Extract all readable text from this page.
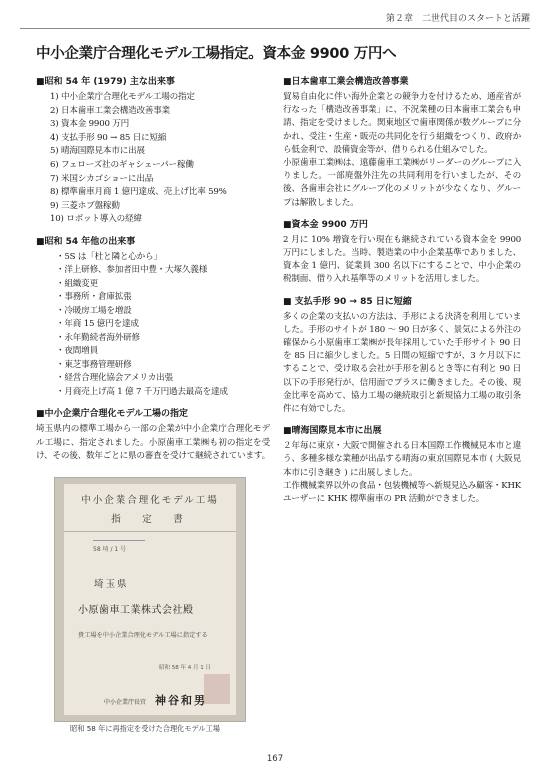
第２章　二世代目のスタートと活躍
中小企業庁合理化モデル工場指定。資本金 9900 万円へ
■昭和 54 年 (1979) 主な出来事
1) 中小企業庁合理化モデル工場の指定
2) 日本歯車工業会構造改善事業
3) 資本金 9900 万円
4) 支払手形 90 → 85 日に短縮
5) 晴海国際見本市に出展
6) フェローズ社のギャシェーパー稼働
7) 米国シカゴショーに出品
8) 標準歯車月商 1 億円達成、売上げ比率 59%
9) 三菱ホブ盤稼動
10) ロボット導入の経緯
■昭和 54 年他の出来事
・5S は「杜と隣と心から」
・洋上研修、参加者田中豊・大塚久義様
・組織変更
・事務所・倉庫拡張
・冷暖房工場を増設
・年商 15 億円を達成
・永年勤続者海外研修
・夜間増員
・東芝事務管理研修
・経営合理化協会アメリカ出張
・月商売上げ高 1 億 7 千万円過去最高を達成
■中小企業庁合理化モデル工場の指定

埼玉県内の標準工場から一部の企業が中小企業庁合理化モデル工場に、指定されました。小原歯車工業㈱も初の指定を受け、その後、数年ごとに県の審査を受けて継続されています。

中小企業合理化モデル工場
指　定　書
58 埼 / 1 号
埼玉県
小原歯車工業株式会社殿
貴工場を中小企業合理化モデル工場に指定する
昭和 58 年 4 月 1 日
中小企業庁長官 神谷和男
昭和 58 年に再指定を受けた合理化モデル工場
■日本歯車工業会構造改善事業

貿易自由化に伴い海外企業との競争力を付けるため、通産省が行なった「構造改善事業」に、不況業種の日本歯車工業会も申請、指定を受けました。関東地区で歯車関係が数グループに分かれ、受注・生産・販売の共同化を行う組織をつくり、政府から低金利で、設備資金等が、借りられる仕組みでした。

小原歯車工業㈱は、遠藤歯車工業㈱がリーダーのグループに入りました。一部廃盤外注先の共同利用を行いましたが、その後、各歯車会社にグループ化のメリットが少なくなり、グループは解散しました。

■資本金 9900 万円

2 月に 10% 増資を行い現在も継続されている資本金を 9900 万円にしました。当時、製造業の中小企業基準でありました、資本金 1 億円、従業員 300 名以下にすることで、中小企業の税制面、借り入れ基準等のメリットを活用しました。

■ 支払手形 90 → 85 日に短縮

多くの企業の支払いの方法は、手形による決済を利用していました。手形のサイトが 180 ～ 90 日が多く、景気による外注の確保から小原歯車工業㈱が長年採用していた手形サイト 90 日を 85 日に縮少しました。5 日間の短縮ですが、3 ケ月以下にすることで、受け取る会社が手形を割るとき等に有利と 90 日以下の手形発行が、信用面でプラスに働きました。その後、現金比率を高めて、協力工場の継続取引と新規協力工場の取引条件に有効でした。

■晴海国際見本市に出展

２年毎に東京・大阪で開催される日本国際工作機械見本市と違う、多種多様な業種が出品する晴海の東京国際見本市 ( 大阪見本市に引き継き ) に出展しました。

工作機械業界以外の食品・包装機械等へ新規見込み顧客・KHK ユーザーに KHK 標準歯車の PR 活動ができました。

167
